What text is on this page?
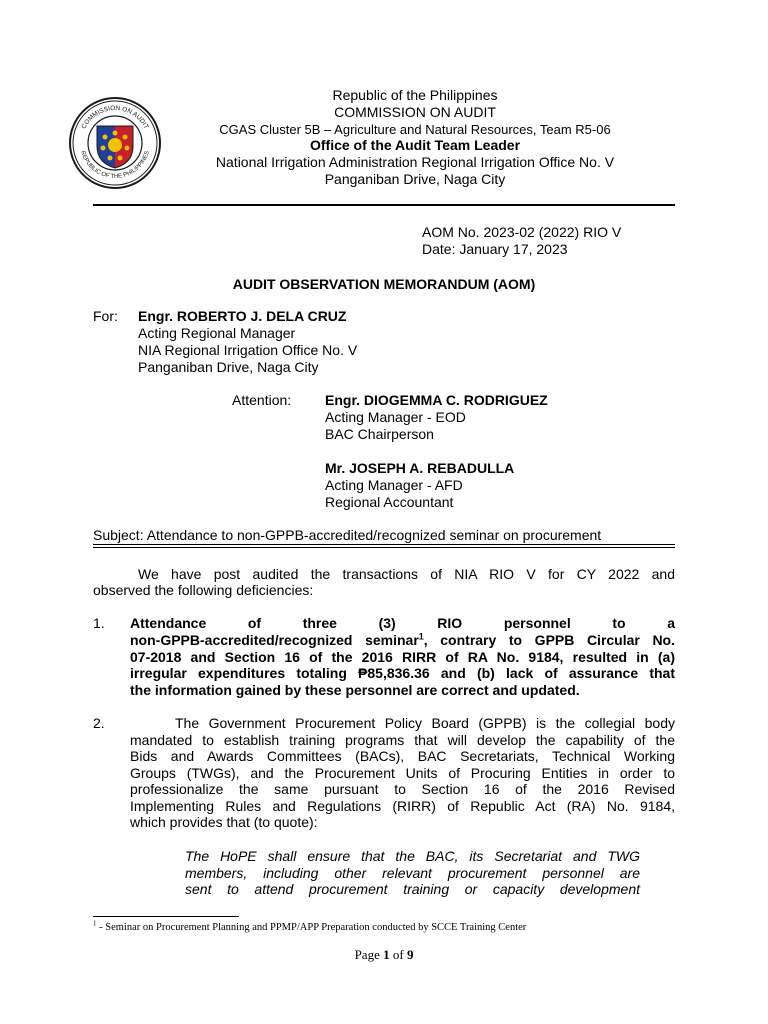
COMMISSION ON AUDIT
REPUBLIC OF THE PHILIPPINES
Republic of the Philippines
COMMISSION ON AUDIT
CGAS Cluster 5B – Agriculture and Natural Resources, Team R5-06
Office of the Audit Team Leader
National Irrigation Administration Regional Irrigation Office No. V
Panganiban Drive, Naga City
AOM No. 2023-02 (2022) RIO V
Date: January 17, 2023
AUDIT OBSERVATION MEMORANDUM (AOM)
For: Engr. ROBERTO J. DELA CRUZ
Acting Regional Manager
NIA Regional Irrigation Office No. V
Panganiban Drive, Naga City
Attention: Engr. DIOGEMMA C. RODRIGUEZ
Acting Manager - EOD
BAC Chairperson
Mr. JOSEPH A. REBADULLA
Acting Manager - AFD
Regional Accountant
Subject: Attendance to non-GPPB-accredited/recognized seminar on procurement
We have post audited the transactions of NIA RIO V for CY 2022 and
observed the following deficiencies:
1. Attendance of three (3) RIO personnel to a
non-GPPB-accredited/recognized seminar$^1$, contrary to GPPB Circular No.
07-2018 and Section 16 of the 2016 RIRR of RA No. 9184, resulted in (a)
irregular expenditures totaling ₱85,836.36 and (b) lack of assurance that
the information gained by these personnel are correct and updated.
2.	The Government Procurement Policy Board (GPPB) is the collegial body
mandated to establish training programs that will develop the capability of the
Bids and Awards Committees (BACs), BAC Secretariats, Technical Working
Groups (TWGs), and the Procurement Units of Procuring Entities in order to
professionalize the same pursuant to Section 16 of the 2016 Revised
Implementing Rules and Regulations (RIRR) of Republic Act (RA) No. 9184,
which provides that (to quote):
The HoPE shall ensure that the BAC, its Secretariat and TWG
members, including other relevant procurement personnel are
sent to attend procurement training or capacity development
$^1$ - Seminar on Procurement Planning and PPMP/APP Preparation conducted by SCCE Training Center
Page 1 of 9
